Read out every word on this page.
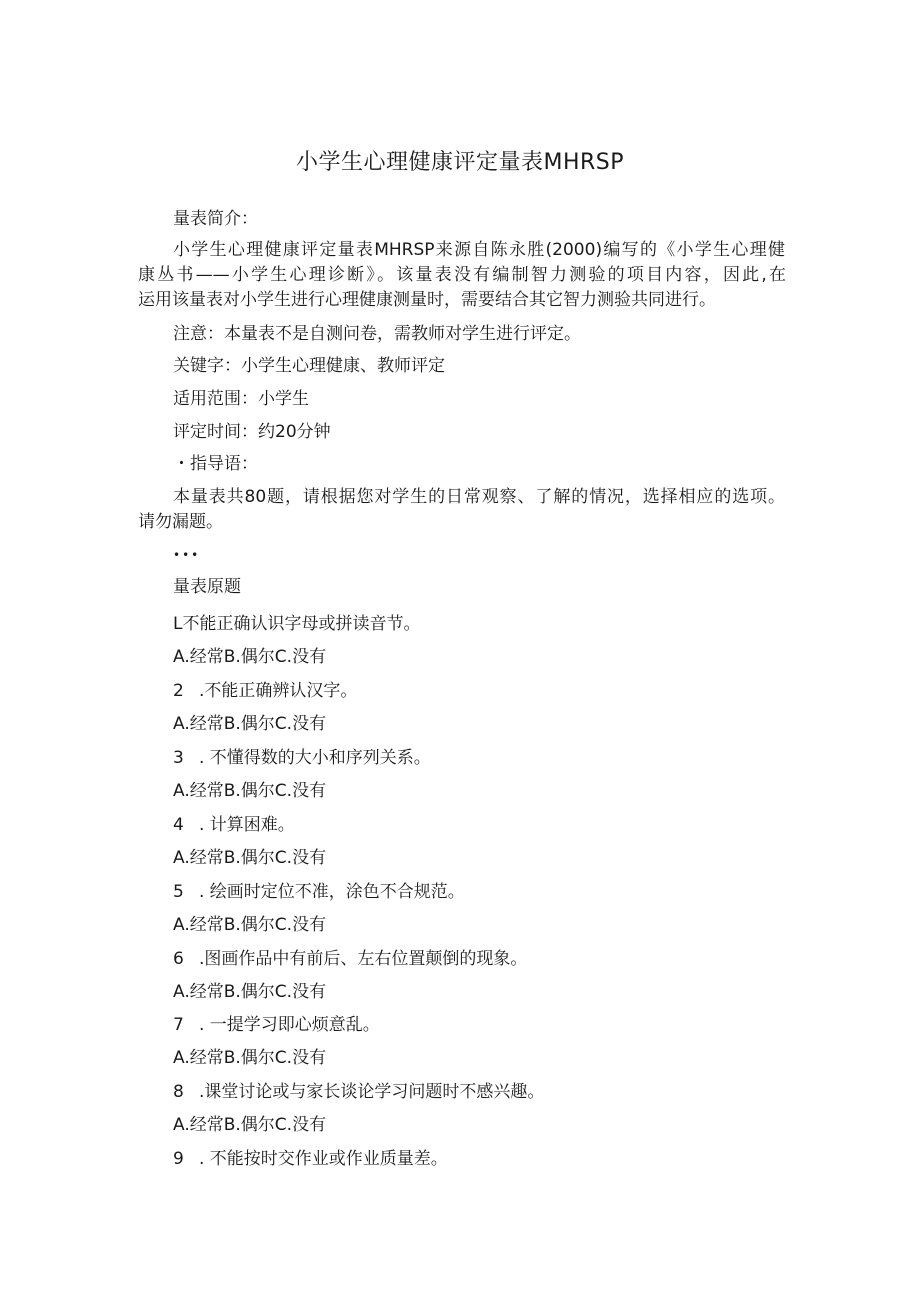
小学生心理健康评定量表MHRSP
量表简介：
小学生心理健康评定量表MHRSP来源自陈永胜(2000)编写的《小学生心理健
康丛书——小学生心理诊断》。该量表没有编制智力测验的项目内容，因此,在
运用该量表对小学生进行心理健康测量时，需要结合其它智力测验共同进行。
注意：本量表不是自测问卷，需教师对学生进行评定。
关键字：小学生心理健康、教师评定
适用范围：小学生
评定时间：约20分钟
・指导语：
本量表共80题，请根据您对学生的日常观察、了解的情况，选择相应的选项。
请勿漏题。
•••
量表原题
L不能正确认识字母或拼读音节。
A.经常B.偶尔C.没有
2 .不能正确辨认汉字。
A.经常B.偶尔C.没有
3 . 不懂得数的大小和序列关系。
A.经常B.偶尔C.没有
4 . 计算困难。
A.经常B.偶尔C.没有
5 . 绘画时定位不准，涂色不合规范。
A.经常B.偶尔C.没有
6 .图画作品中有前后、左右位置颠倒的现象。
A.经常B.偶尔C.没有
7 . 一提学习即心烦意乱。
A.经常B.偶尔C.没有
8 .课堂讨论或与家长谈论学习问题时不感兴趣。
A.经常B.偶尔C.没有
9 . 不能按时交作业或作业质量差。
